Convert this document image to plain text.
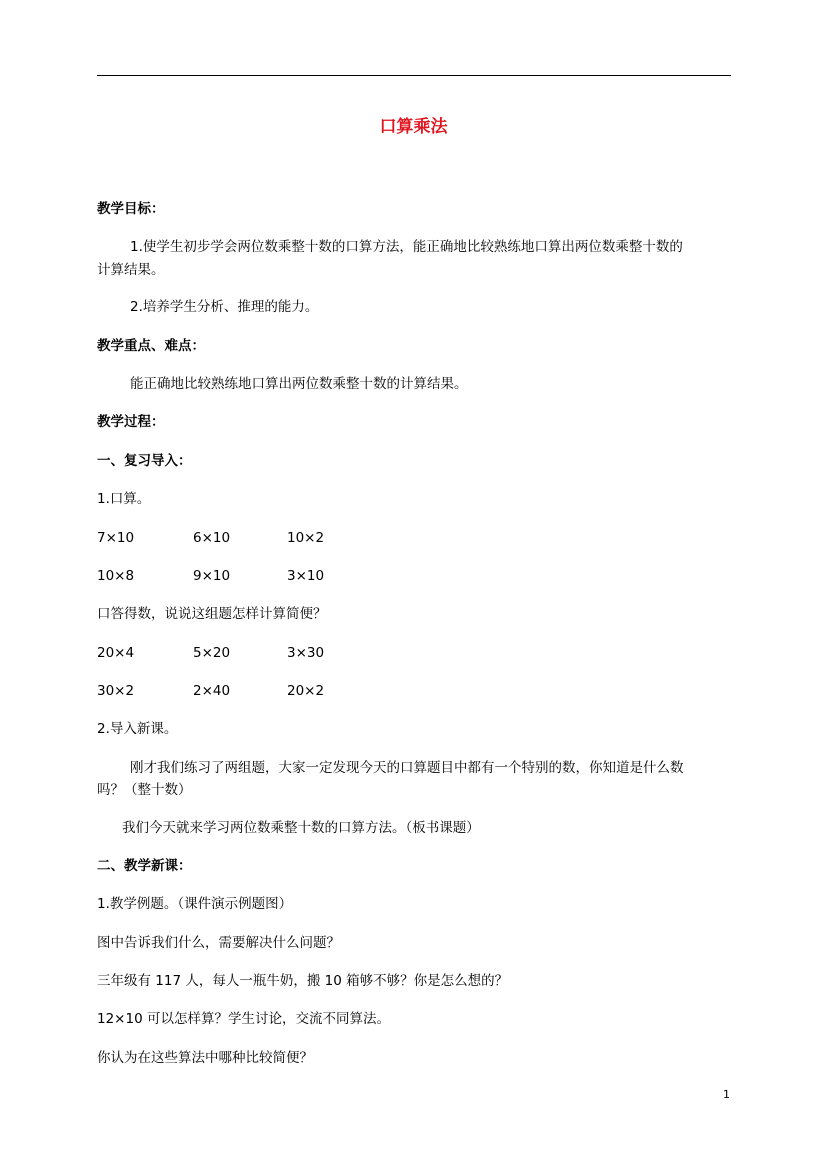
口算乘法
教学目标：
1.使学生初步学会两位数乘整十数的口算方法，能正确地比较熟练地口算出两位数乘整十数的
计算结果。
2.培养学生分析、推理的能力。
教学重点、难点：
能正确地比较熟练地口算出两位数乘整十数的计算结果。
教学过程：
一、复习导入：
1.口算。
7×10	6×10	10×2
10×8	9×10	3×10
口答得数，说说这组题怎样计算简便？
20×4	5×20	3×30
30×2	2×40	20×2
2.导入新课。
刚才我们练习了两组题，大家一定发现今天的口算题目中都有一个特别的数，你知道是什么数
吗？（整十数）
我们今天就来学习两位数乘整十数的口算方法。（板书课题）
二、教学新课：
1.教学例题。（课件演示例题图）
图中告诉我们什么，需要解决什么问题？
三年级有 117 人，每人一瓶牛奶，搬 10 箱够不够？你是怎么想的？
12×10 可以怎样算？学生讨论，交流不同算法。
你认为在这些算法中哪种比较简便？
1
